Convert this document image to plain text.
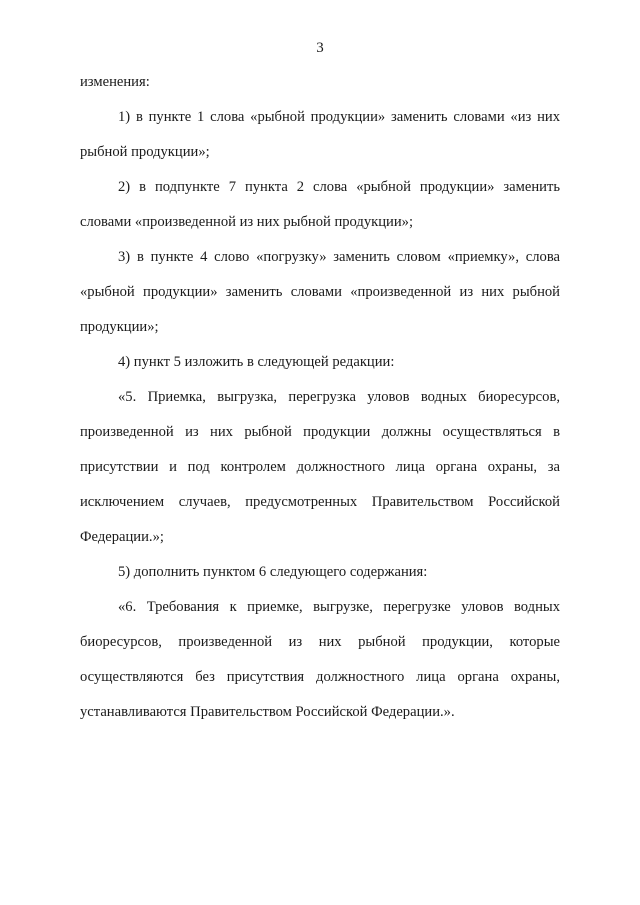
3
изменения:
1) в пункте 1 слова «рыбной продукции» заменить словами «из них
рыбной продукции»;
2) в подпункте 7 пункта 2 слова «рыбной продукции» заменить
словами «произведенной из них рыбной продукции»;
3) в пункте 4 слово «погрузку» заменить словом «приемку», слова
«рыбной продукции» заменить словами «произведенной из них рыбной
продукции»;
4) пункт 5 изложить в следующей редакции:
«5. Приемка, выгрузка, перегрузка уловов водных биоресурсов,
произведенной из них рыбной продукции должны осуществляться в
присутствии и под контролем должностного лица органа охраны, за
исключением случаев, предусмотренных Правительством Российской
Федерации.»;
5) дополнить пунктом 6 следующего содержания:
«6. Требования к приемке, выгрузке, перегрузке уловов водных
биоресурсов, произведенной из них рыбной продукции, которые
осуществляются без присутствия должностного лица органа охраны,
устанавливаются Правительством Российской Федерации.».
